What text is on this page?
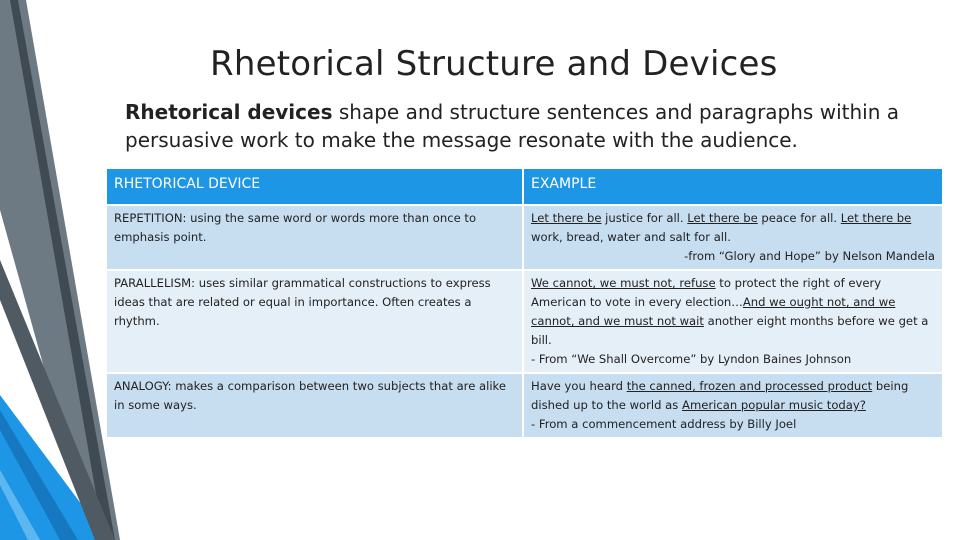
Rhetorical Structure and Devices
Rhetorical devices shape and structure sentences and paragraphs within a persuasive work to make the message resonate with the audience.
RHETORICAL DEVICE	EXAMPLE
REPETITION: using the same word or words more than once to emphasis point.	Let there be justice for all. Let there be peace for all. Let there be work, bread, water and salt for all.
-from “Glory and Hope” by Nelson Mandela

PARALLELISM: uses similar grammatical constructions to express ideas that are related or equal in importance. Often creates a rhythm.	We cannot, we must not, refuse to protect the right of every American to vote in every election…And we ought not, and we cannot, and we must not wait another eight months before we get a bill.
- From “We Shall Overcome” by Lyndon Baines Johnson

ANALOGY: makes a comparison between two subjects that are alike in some ways.	Have you heard the canned, frozen and processed product being dished up to the world as American popular music today?
- From a commencement address by Billy Joel
